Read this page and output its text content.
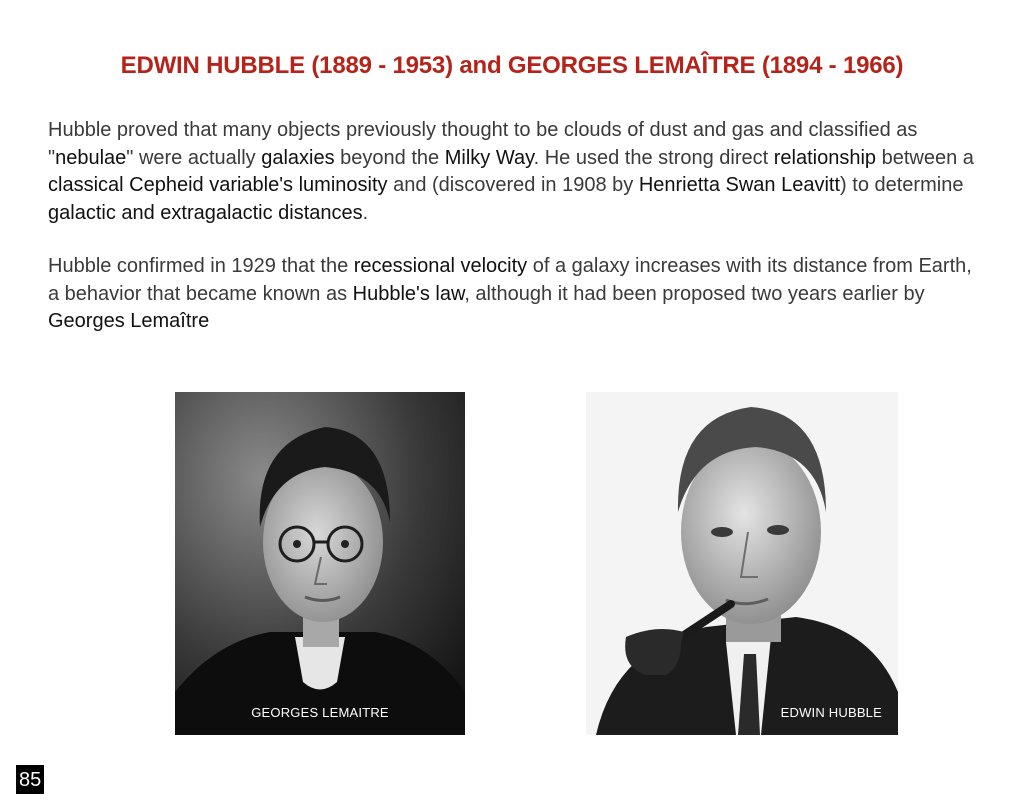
EDWIN HUBBLE (1889 - 1953) and GEORGES LEMAÎTRE (1894 - 1966)

Hubble proved that many objects previously thought to be clouds of dust and gas and classified as "nebulae" were actually galaxies beyond the Milky Way. He used the strong direct relationship between a classical Cepheid variable's luminosity and (discovered in 1908 by Henrietta Swan Leavitt) to determine galactic and extragalactic distances.

Hubble confirmed in 1929 that the recessional velocity of a galaxy increases with its distance from Earth, a behavior that became known as Hubble's law, although it had been proposed two years earlier by Georges Lemaître

GEORGES LEMAITRE	EDWIN HUBBLE
85
